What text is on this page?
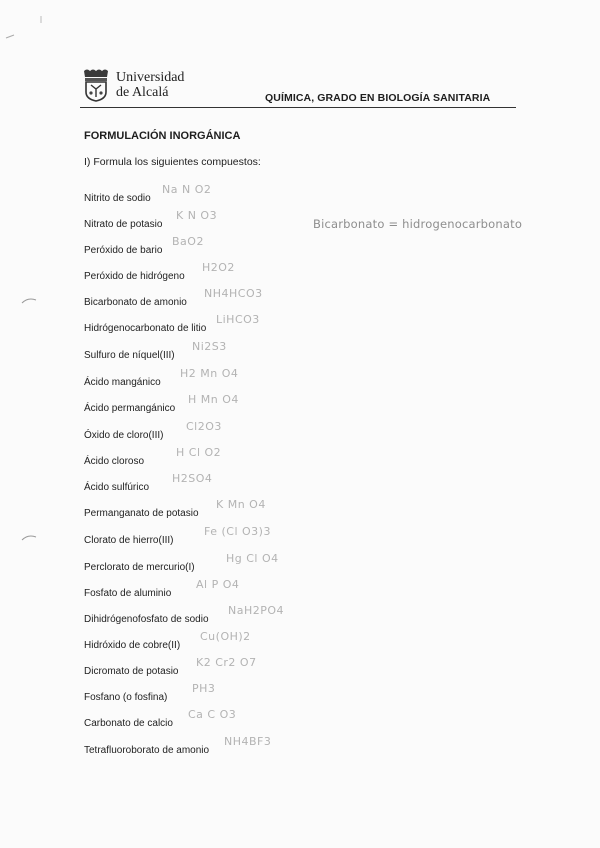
Universidad
de Alcalá	QUÍMICA, GRADO EN BIOLOGÍA SANITARIA
FORMULACIÓN INORGÁNICA
I) Formula los siguientes compuestos:
Bicarbonato = hidrogenocarbonato
Nitrito de sodio
Na N O2
Nitrato de potasio
K N O3
Peróxido de bario
BaO2
Peróxido de hidrógeno
H2O2
Bicarbonato de amonio
NH4HCO3
Hidrógenocarbonato de litio
LiHCO3
Sulfuro de níquel(III)
Ni2S3
Ácido mangánico
H2 Mn O4
Ácido permangánico
H Mn O4
Óxido de cloro(III)
Cl2O3
Ácido cloroso
H Cl O2
Ácido sulfúrico
H2SO4
Permanganato de potasio
K Mn O4
Clorato de hierro(III)
Fe (Cl O3)3
Perclorato de mercurio(I)
Hg Cl O4
Fosfato de aluminio
Al P O4
Dihidrógenofosfato de sodio
NaH2PO4
Hidróxido de cobre(II)
Cu(OH)2
Dicromato de potasio
K2 Cr2 O7
Fosfano (o fosfina)
PH3
Carbonato de calcio
Ca C O3
Tetrafluoroborato de amonio
NH4BF3
